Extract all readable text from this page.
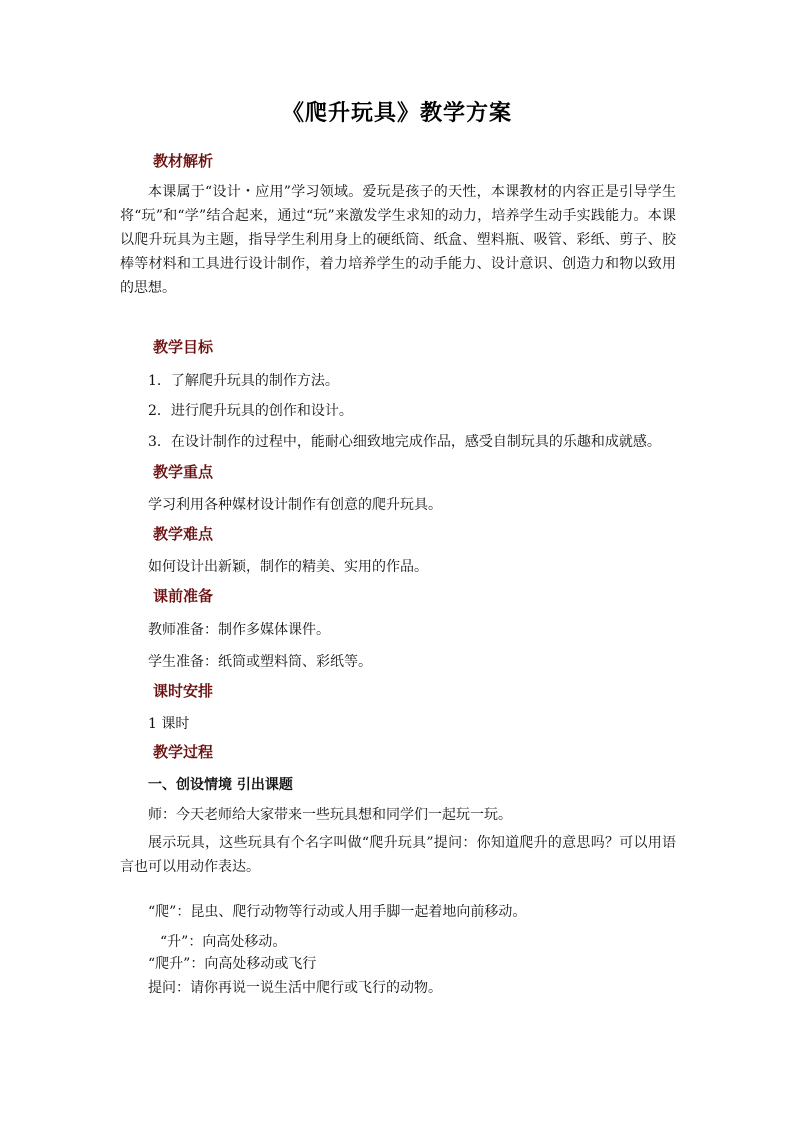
《爬升玩具》教学方案
教材解析

本课属于“设计・应用”学习领域。爱玩是孩子的天性，本课教材的内容正是引导学生将“玩”和“学”结合起来，通过“玩”来激发学生求知的动力，培养学生动手实践能力。本课以爬升玩具为主题，指导学生利用身上的硬纸筒、纸盒、塑料瓶、吸管、彩纸、剪子、胶棒等材料和工具进行设计制作，着力培养学生的动手能力、设计意识、创造力和物以致用的思想。

教学目标

1．了解爬升玩具的制作方法。

2．进行爬升玩具的创作和设计。

3．在设计制作的过程中，能耐心细致地完成作品，感受自制玩具的乐趣和成就感。

教学重点

学习利用各种媒材设计制作有创意的爬升玩具。

教学难点

如何设计出新颖，制作的精美、实用的作品。

课前准备

教师准备：制作多媒体课件。

学生准备：纸筒或塑料筒、彩纸等。

课时安排

1 课时

教学过程

一、创设情境 引出课题

师：今天老师给大家带来一些玩具想和同学们一起玩一玩。

展示玩具，这些玩具有个名字叫做“爬升玩具”提问：你知道爬升的意思吗？可以用语言也可以用动作表达。

“爬”：昆虫、爬行动物等行动或人用手脚一起着地向前移动。

“升”：向高处移动。

“爬升”：向高处移动或飞行

提问：请你再说一说生活中爬行或飞行的动物。
